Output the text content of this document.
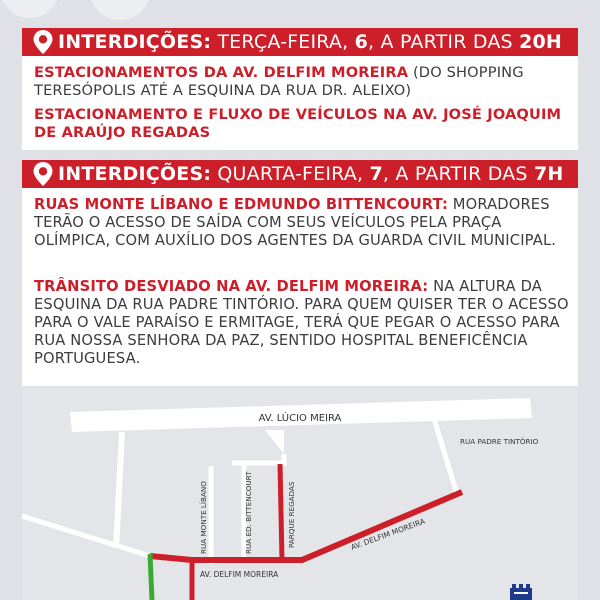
INTERDIÇÕES: TERÇA-FEIRA, 6, A PARTIR DAS 20H
ESTACIONAMENTOS DA AV. DELFIM MOREIRA (DO SHOPPING TERESÓPOLIS ATÉ A ESQUINA DA RUA DR. ALEIXO)
ESTACIONAMENTO E FLUXO DE VEÍCULOS NA AV. JOSÉ JOAQUIM DE ARAÚJO REGADAS
INTERDIÇÕES: QUARTA-FEIRA, 7, A PARTIR DAS 7H
RUAS MONTE LÍBANO E EDMUNDO BITTENCOURT: MORADORES TERÃO O ACESSO DE SAÍDA COM SEUS VEÍCULOS PELA PRAÇA OLÍMPICA, COM AUXÍLIO DOS AGENTES DA GUARDA CIVIL MUNICIPAL.
TRÂNSITO DESVIADO NA AV. DELFIM MOREIRA: NA ALTURA DA ESQUINA DA RUA PADRE TINTÓRIO. PARA QUEM QUISER TER O ACESSO PARA O VALE PARAÍSO E ERMITAGE, TERÁ QUE PEGAR O ACESSO PARA RUA NOSSA SENHORA DA PAZ, SENTIDO HOSPITAL BENEFICÊNCIA PORTUGUESA.
AV. LÚCIO MEIRA
RUA MONTE LÍBANO	RUA ED. BITTENCOURT	PARQUE REGADAS
RUA PADRE TINTÓRIO
AV. DELFIM MOREIRA
AV. DELFIM MOREIRA
